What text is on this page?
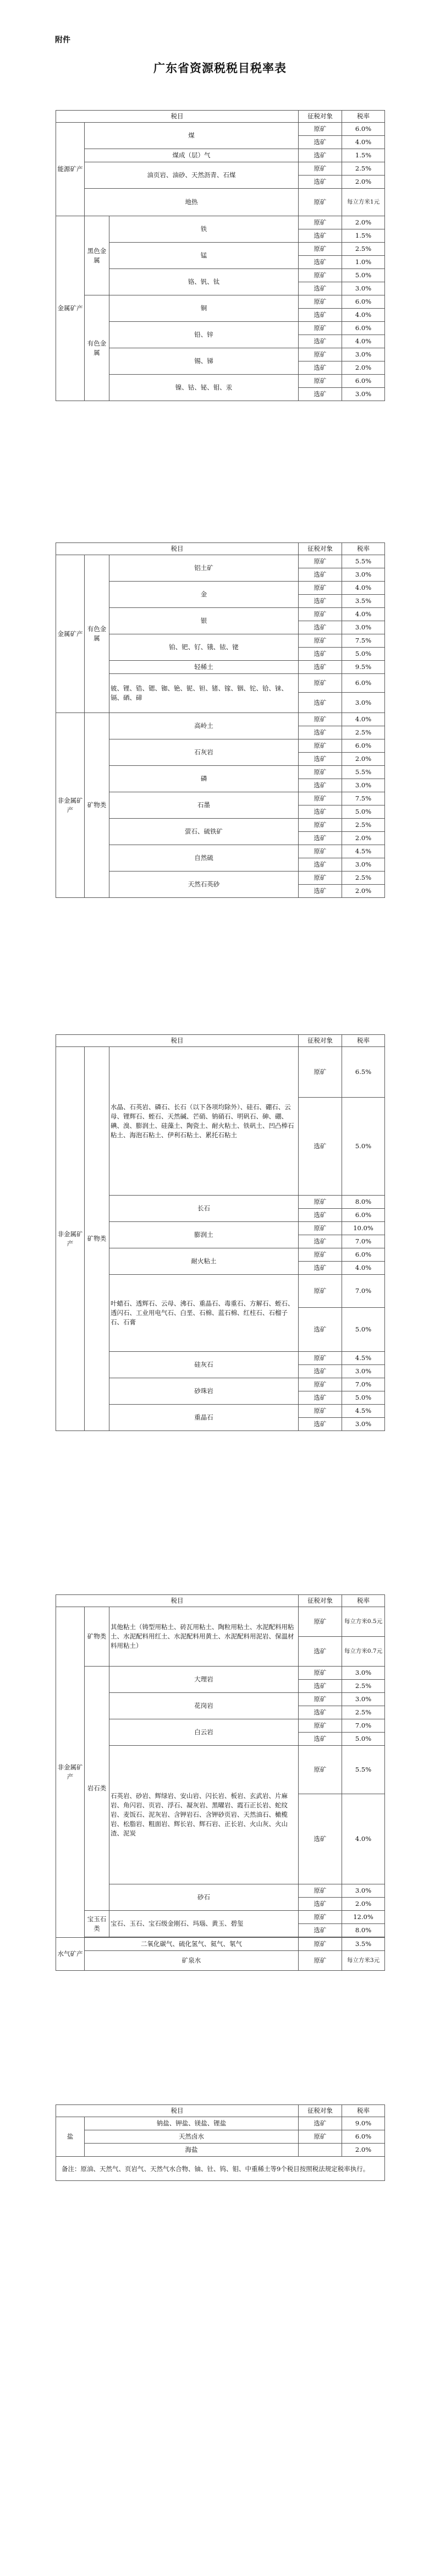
附件
广东省资源税税目税率表
税目			征税对象	税率
能源矿产	煤		原矿	6.0%
			选矿	4.0%
	煤成（层）气		选矿	1.5%
	油页岩、油砂、天然沥青、石煤		原矿	2.5%
			选矿	2.0%
	地热		原矿	每立方米1元

金属矿产	黑色金属	铁	原矿	2.0%
			选矿	1.5%
		锰	原矿	2.5%
			选矿	1.0%
		铬、钒、钛	原矿	5.0%
			选矿	3.0%
	有色金属	铜	原矿	6.0%
			选矿	4.0%
		铅、锌	原矿	6.0%
			选矿	4.0%
		锡、锑	原矿	3.0%
			选矿	2.0%
		镍、钴、铋、钼、汞	原矿	6.0%
			选矿	3.0%
税目			征税对象	税率
金属矿产	有色金属	铝土矿	原矿	5.5%
			选矿	3.0%
		金	原矿	4.0%
			选矿	3.5%
		银	原矿	4.0%
			选矿	3.0%
		铂、钯、钌、锇、铱、铑	原矿	7.5%
			选矿	5.0%
		轻稀土	选矿	9.5%
		铍、锂、锆、锶、铷、铯、铌、钽、锗、镓、铟、铊、铪、铼、镉、硒、碲	原矿	6.0%
			选矿	3.0%

非金属矿产	矿物类	高岭土	原矿	4.0%
			选矿	2.5%
		石灰岩	原矿	6.0%
			选矿	2.0%
		磷	原矿	5.5%
			选矿	3.0%
		石墨	原矿	7.5%
			选矿	5.0%
		萤石、硫铁矿	原矿	2.5%
			选矿	2.0%
		自然硫	原矿	4.5%
			选矿	3.0%
		天然石英砂	原矿	2.5%
			选矿	2.0%
税目			征税对象	税率
非金属矿产	矿物类	水晶、石英岩、磷石、长石（以下各项均除外）、硅石、硼石、云母、锂辉石、蛭石、天然碱、芒硝、钠硝石、明矾石、砷、硼、碘、溴、膨润土、硅藻土、陶瓷土、耐火粘土、铁矾土、凹凸棒石粘土、海泡石粘土、伊利石粘土、累托石粘土	原矿	6.5%
			选矿	5.0%
		长石	原矿	8.0%
			选矿	6.0%
		膨润土	原矿	10.0%
			选矿	7.0%
		耐火粘土	原矿	6.0%
			选矿	4.0%
		叶蜡石、透辉石、云母、沸石、重晶石、毒重石、方解石、蛭石、透闪石、工业用电气石、白垩、石棉、蓝石棉、红柱石、石榴子石、石膏	原矿	7.0%
			选矿	5.0%
		硅灰石	原矿	4.5%
			选矿	3.0%
		砂珠岩	原矿	7.0%
			选矿	5.0%
		重晶石	原矿	4.5%
			选矿	3.0%
税目			征税对象	税率
非金属矿产	矿物类	其他粘土（铸型用粘土、砖瓦用粘土、陶粒用粘土、水泥配料用粘土、水泥配料用红土、水泥配料用黄土、水泥配料用泥岩、保温材料用粘土）	原矿	每立方米0.5元
			选矿	每立方米0.7元
	岩石类	大理岩	原矿	3.0%
			选矿	2.5%
		花岗岩	原矿	3.0%
			选矿	2.5%
		白云岩	原矿	7.0%
			选矿	5.0%
		石英岩、砂岩、辉绿岩、安山岩、闪长岩、板岩、玄武岩、片麻岩、角闪岩、页岩、浮石、凝灰岩、黑曜岩、霞石正长岩、蛇纹岩、麦饭石、泥灰岩、含钾岩石、含钾砂页岩、天然油石、橄榄岩、松脂岩、粗面岩、辉长岩、辉石岩、正长岩、火山灰、火山渣、泥炭	原矿	5.5%
			选矿	4.0%
		砂石	原矿	3.0%
			选矿	2.0%
	宝玉石类	宝石、玉石、宝石级金刚石、玛瑙、黄玉、碧玺	原矿	12.0%
			选矿	8.0%

水气矿产	二氧化碳气、硫化氢气、氦气、氡气		原矿	3.5%
	矿泉水		原矿	每立方米3元
税目		征税对象	税率
盐	钠盐、钾盐、镁盐、锂盐	选矿	9.0%
	天然卤水	原矿	6.0%
	海盐		2.0%
备注：原油、天然气、页岩气、天然气水合物、铀、钍、钨、钼、中重稀土等9个税目按照税法规定税率执行。			
